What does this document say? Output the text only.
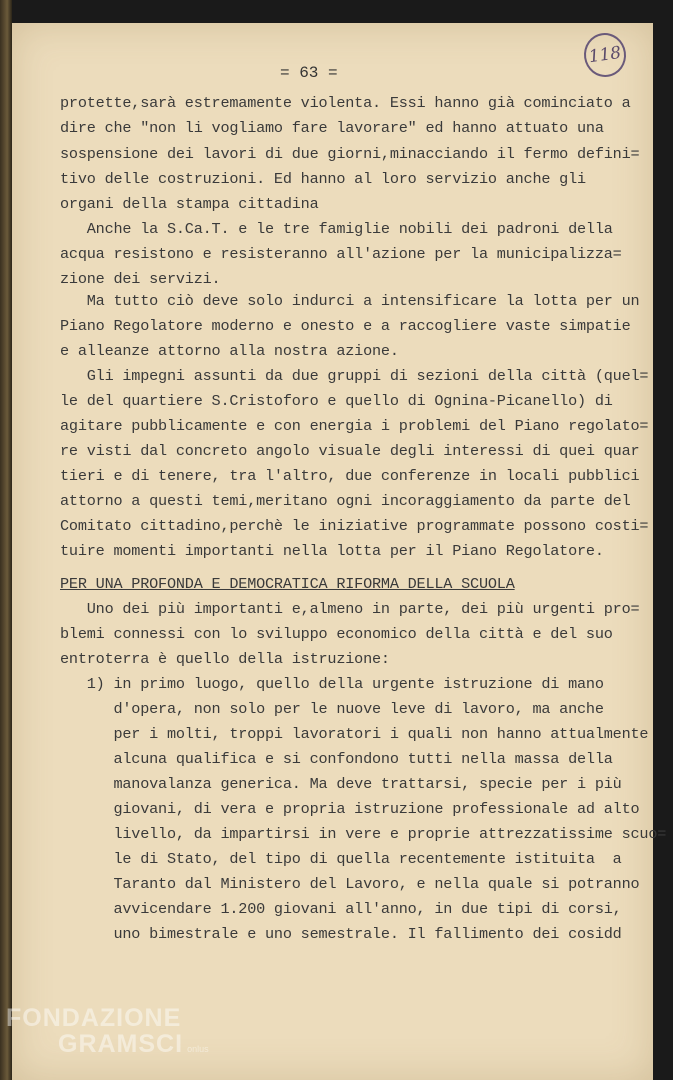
118
= 63 =
protette,sarà estremamente violenta. Essi hanno già cominciato a
dire che "non li vogliamo fare lavorare" ed hanno attuato una
sospensione dei lavori di due giorni,minacciando il fermo defini=
tivo delle costruzioni. Ed hanno al loro servizio anche gli
organi della stampa cittadina
Anche la S.Ca.T. e le tre famiglie nobili dei padroni della
acqua resistono e resisteranno all'azione per la municipalizza=
zione dei servizi.
Ma tutto ciò deve solo indurci a intensificare la lotta per un
Piano Regolatore moderno e onesto e a raccogliere vaste simpatie
e alleanze attorno alla nostra azione.
Gli impegni assunti da due gruppi di sezioni della città (quel=
le del quartiere S.Cristoforo e quello di Ognina-Picanello) di
agitare pubblicamente e con energia i problemi del Piano regolato=
re visti dal concreto angolo visuale degli interessi di quei quar
tieri e di tenere, tra l'altro, due conferenze in locali pubblici
attorno a questi temi,meritano ogni incoraggiamento da parte del
Comitato cittadino,perchè le iniziative programmate possono costi=
tuire momenti importanti nella lotta per il Piano Regolatore.
PER UNA PROFONDA E DEMOCRATICA RIFORMA DELLA SCUOLA
Uno dei più importanti e,almeno in parte, dei più urgenti pro=
blemi connessi con lo sviluppo economico della città e del suo
entroterra è quello della istruzione:
1) in primo luogo, quello della urgente istruzione di mano
d'opera, non solo per le nuove leve di lavoro, ma anche
per i molti, troppi lavoratori i quali non hanno attualmente
alcuna qualifica e si confondono tutti nella massa della
manovalanza generica. Ma deve trattarsi, specie per i più
giovani, di vera e propria istruzione professionale ad alto
livello, da impartirsi in vere e proprie attrezzatissime scuo=
le di Stato, del tipo di quella recentemente istituita  a
Taranto dal Ministero del Lavoro, e nella quale si potranno
avvicendare 1.200 giovani all'anno, in due tipi di corsi,
uno bimestrale e uno semestrale. Il fallimento dei cosidd
FONDAZIONE
GRAMSCI onlus
